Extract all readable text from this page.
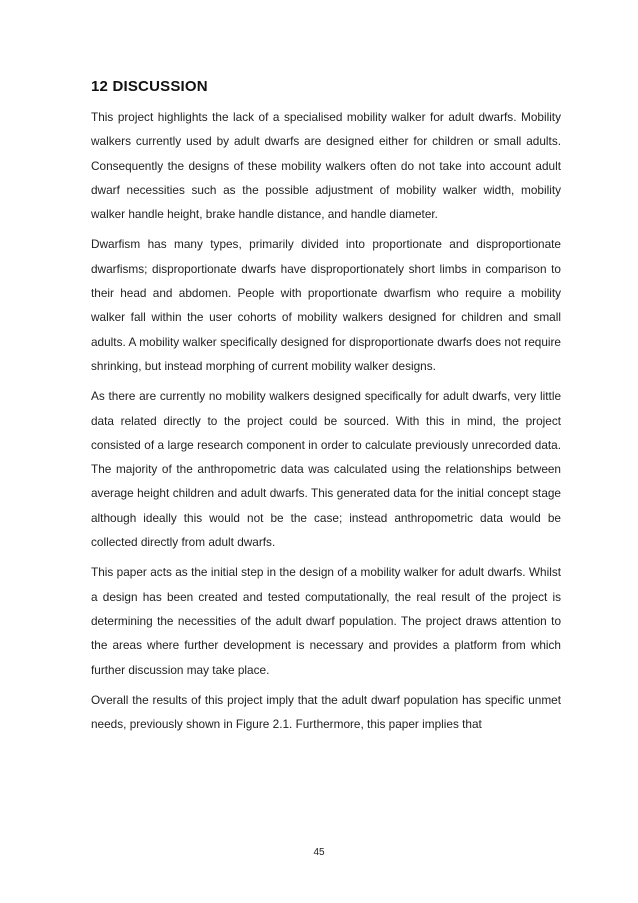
12 DISCUSSION

This project highlights the lack of a specialised mobility walker for adult dwarfs. Mobility walkers currently used by adult dwarfs are designed either for children or small adults. Consequently the designs of these mobility walkers often do not take into account adult dwarf necessities such as the possible adjustment of mobility walker width, mobility walker handle height, brake handle distance, and handle diameter.

Dwarfism has many types, primarily divided into proportionate and disproportionate dwarfisms; disproportionate dwarfs have disproportionately short limbs in comparison to their head and abdomen. People with proportionate dwarfism who require a mobility walker fall within the user cohorts of mobility walkers designed for children and small adults. A mobility walker specifically designed for disproportionate dwarfs does not require shrinking, but instead morphing of current mobility walker designs.

As there are currently no mobility walkers designed specifically for adult dwarfs, very little data related directly to the project could be sourced. With this in mind, the project consisted of a large research component in order to calculate previously unrecorded data. The majority of the anthropometric data was calculated using the relationships between average height children and adult dwarfs. This generated data for the initial concept stage although ideally this would not be the case; instead anthropometric data would be collected directly from adult dwarfs.

This paper acts as the initial step in the design of a mobility walker for adult dwarfs. Whilst a design has been created and tested computationally, the real result of the project is determining the necessities of the adult dwarf population. The project draws attention to the areas where further development is necessary and provides a platform from which further discussion may take place.

Overall the results of this project imply that the adult dwarf population has specific unmet needs, previously shown in Figure 2.1. Furthermore, this paper implies that

45
